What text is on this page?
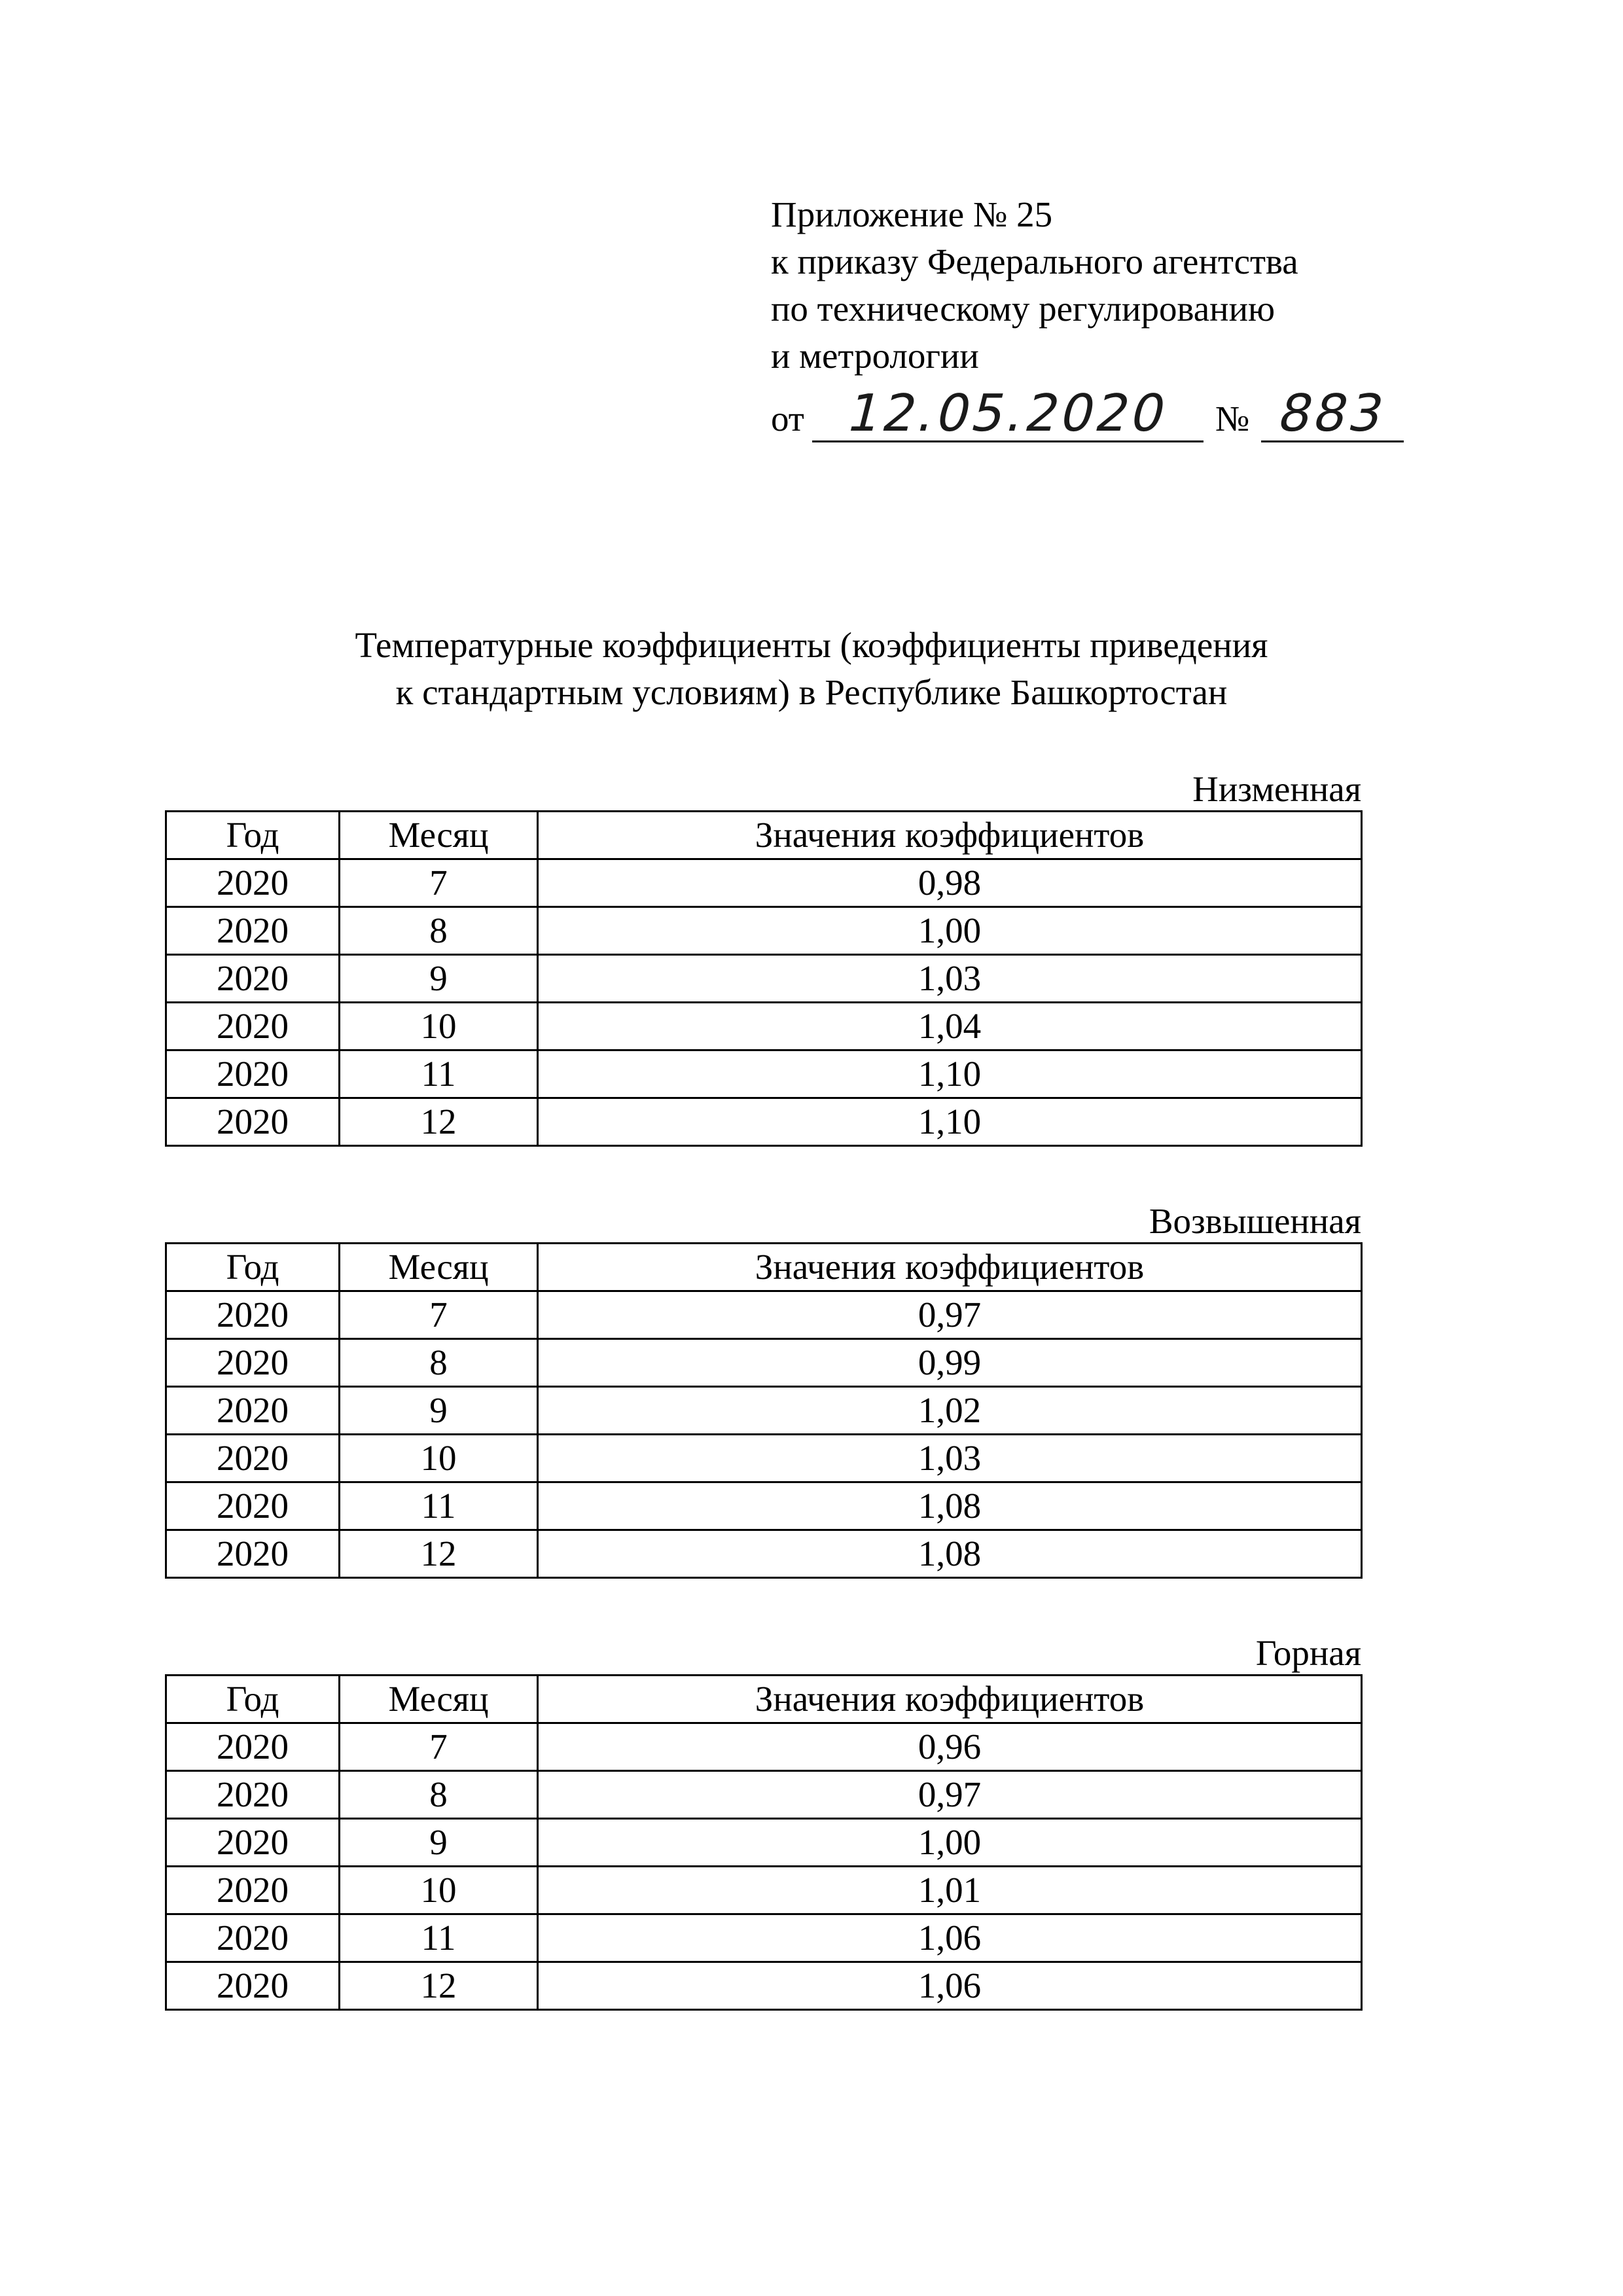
Приложение № 25
к приказу Федерального агентства
по техническому регулированию
и метрологии
от 12.05.2020 № 883
Температурные коэффициенты (коэффициенты приведения
к стандартным условиям) в Республике Башкортостан
Низменная
Год	Месяц	Значения коэффициентов
2020	7	0,98
2020	8	1,00
2020	9	1,03
2020	10	1,04
2020	11	1,10
2020	12	1,10
Возвышенная
Год	Месяц	Значения коэффициентов
2020	7	0,97
2020	8	0,99
2020	9	1,02
2020	10	1,03
2020	11	1,08
2020	12	1,08
Горная
Год	Месяц	Значения коэффициентов
2020	7	0,96
2020	8	0,97
2020	9	1,00
2020	10	1,01
2020	11	1,06
2020	12	1,06
